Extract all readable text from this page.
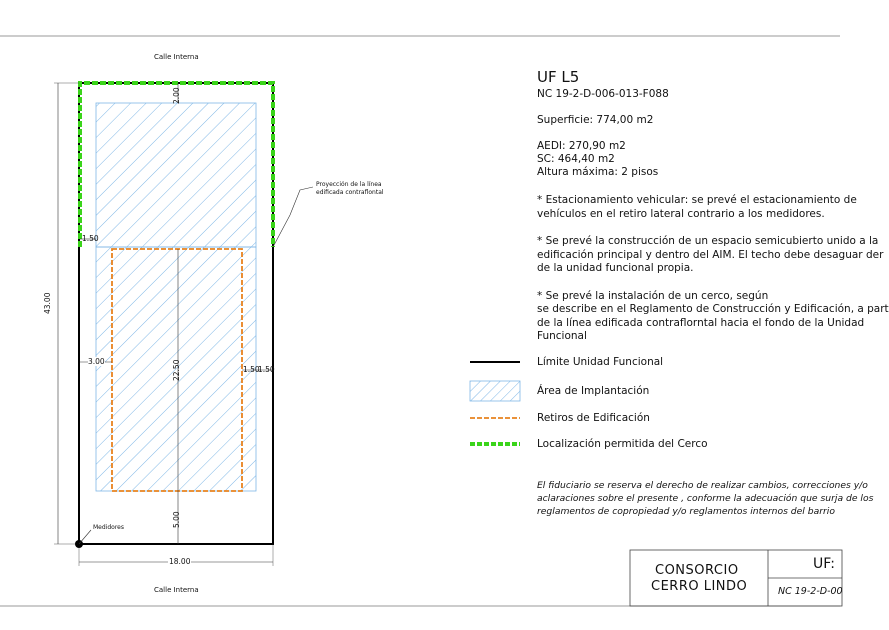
Calle Interna
Calle Interna
43.00
18.00
2.00
5.00
22.50
3.00
1.50
1.50
1.50
Proyección de la línea
edificada contraflontal
Medidores
UF L5
NC 19-2-D-006-013-F088
Superficie: 774,00 m2
AEDI: 270,90 m2
SC: 464,40 m2
Altura máxima: 2 pisos
* Estacionamiento vehicular: se prevé el estacionamiento de
vehículos en el retiro lateral contrario a los medidores.
* Se prevé la construcción de un espacio semicubierto unido a la
edificación principal y dentro del AIM. El techo debe desaguar der
de la unidad funcional propia.
* Se prevé la instalación de un cerco, según
se describe en el Reglamento de Construcción y Edificación, a part
de la línea edificada contraflorntal hacia el fondo de la Unidad
Funcional
Límite Unidad Funcional
Área de Implantación
Retiros de Edificación
Localización permitida del Cerco
El fiduciario se reserva el derecho de realizar cambios, correcciones y/o
aclaraciones sobre el presente , conforme la adecuación que surja de los
reglamentos de copropiedad y/o reglamentos internos del barrio
CONSORCIO
CERRO LINDO
UF:
NC 19-2-D-00
